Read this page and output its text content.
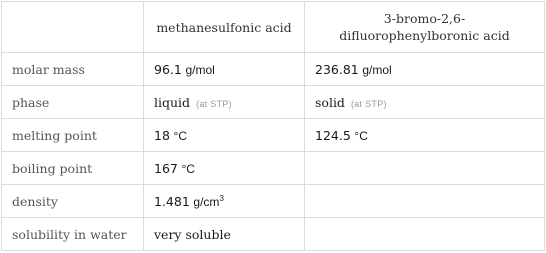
	methanesulfonic acid	3-bromo-2,6-difluorophenylboronic acid
molar mass	96.1 g/mol	236.81 g/mol
phase	liquid (at STP)	solid (at STP)
melting point	18 °C	124.5 °C
boiling point	167 °C	
density	1.481 $g/cm^3$	
solubility in water	very soluble	
